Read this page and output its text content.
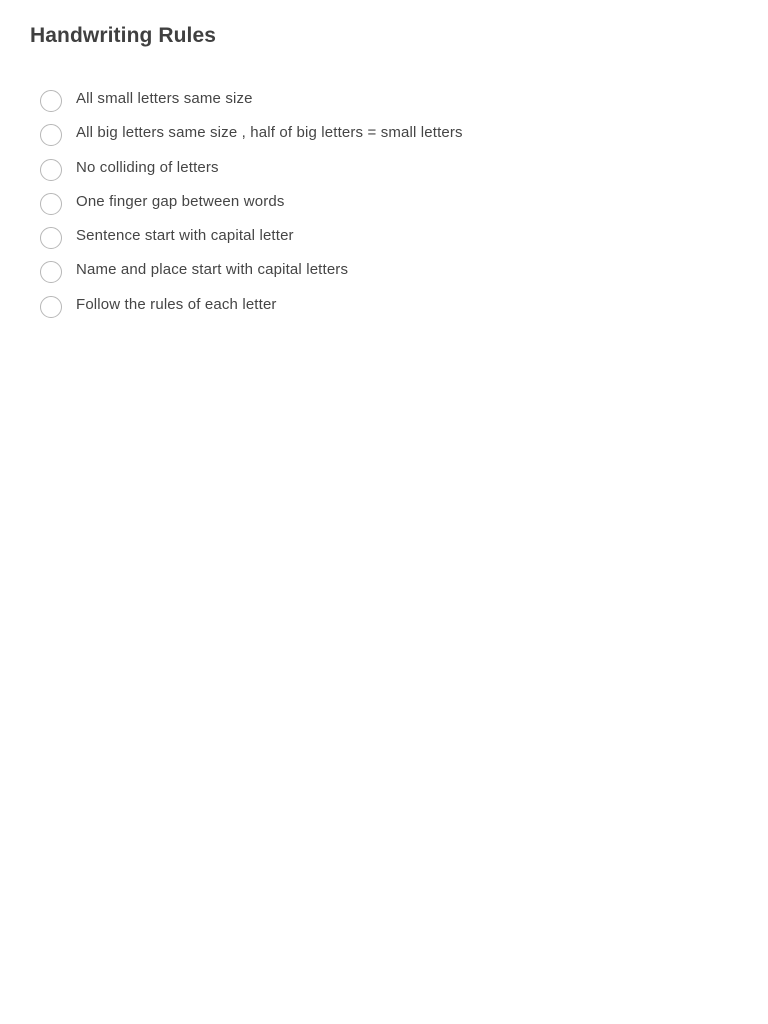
Handwriting Rules
All small letters same size
All big letters same size , half of big letters = small letters
No colliding of letters
One finger gap between words
Sentence start with capital letter
Name and place start with capital letters
Follow the rules of each letter
